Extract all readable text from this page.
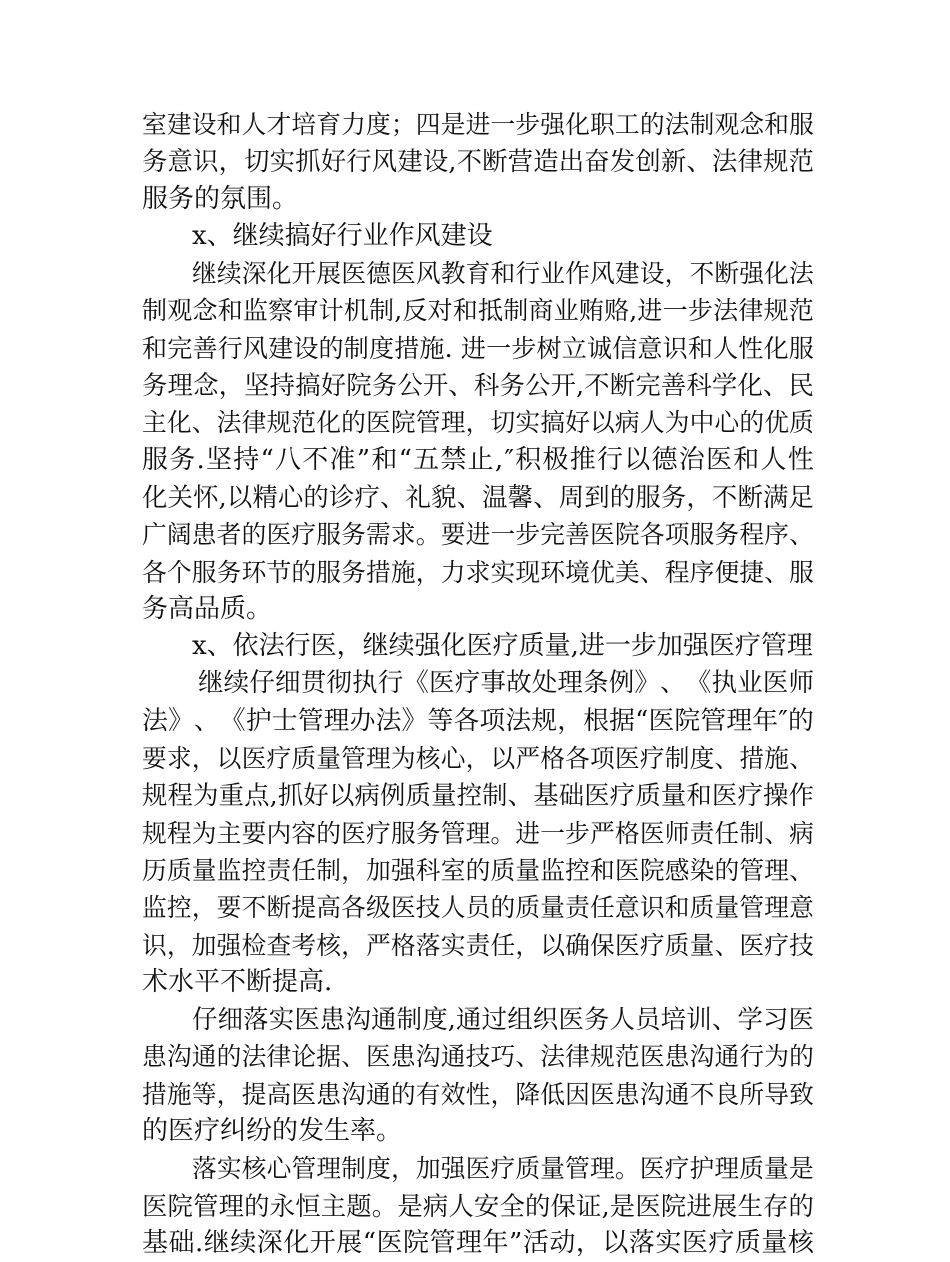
室 建 设 和 人 才 培 育 力 度 ； 四 是 进 一 步 强 化 职 工 的 法 制 观 念 和 服
务 意 识 ， 切 实 抓 好 行 风 建 设 , 不 断 营 造 出 奋 发 创 新 、 法 律 规 范
服务的氛围。
x、继续搞好行业作风建设
继 续 深 化 开 展 医 德 医 风 教 育 和 行 业 作 风 建 设 ， 不 断 强 化 法
制 观 念 和 监 察 审 计 机 制 , 反 对 和 抵 制 商 业 贿 赂 , 进 一 步 法 律 规 范
和 完 善 行 风 建 设 的 制 度 措 施 .
进 一 步 树 立 诚 信 意 识 和 人 性 化 服
务 理 念 ， 坚 持 搞 好 院 务 公 开 、 科 务 公 开 , 不 断 完 善 科 学 化 、 民
主 化 、 法 律 规 范 化 的 医 院 管 理 ， 切 实 搞 好 以 病 人 为 中 心 的 优 质
服 务 . 坚 持 “ 八 不 准 ” 和 “ 五 禁 止 , ″ 积 极 推 行 以 德 治 医 和 人 性
化 关 怀 , 以 精 心 的 诊 疗 、 礼 貌 、 温 馨 、 周 到 的 服 务 ， 不 断 满 足
广 阔 患 者 的 医 疗 服 务 需 求 。 要 进 一 步 完 善 医 院 各 项 服 务 程 序 、
各 个 服 务 环 节 的 服 务 措 施 ， 力 求 实 现 环 境 优 美 、 程 序 便 捷 、 服
务高品质。
x、依法行医，继续强化医疗质量,进一步加强医疗管理
继 续 仔 细 贯 彻 执 行 《 医 疗 事 故 处 理 条 例 》 、 《 执 业 医 师
法 》 、 《 护 士 管 理 办 法 》 等 各 项 法 规 ， 根 据 “ 医 院 管 理 年 ″ 的
要 求 ， 以 医 疗 质 量 管 理 为 核 心 ， 以 严 格 各 项 医 疗 制 度 、 措 施 、
规 程 为 重 点 , 抓 好 以 病 例 质 量 控 制 、 基 础 医 疗 质 量 和 医 疗 操 作
规 程 为 主 要 内 容 的 医 疗 服 务 管 理 。 进 一 步 严 格 医 师 责 任 制 、 病
历 质 量 监 控 责 任 制 ， 加 强 科 室 的 质 量 监 控 和 医 院 感 染 的 管 理 、
监 控 ， 要 不 断 提 高 各 级 医 技 人 员 的 质 量 责 任 意 识 和 质 量 管 理 意
识 ， 加 强 检 查 考 核 ， 严 格 落 实 责 任 ， 以 确 保 医 疗 质 量 、 医 疗 技
术水平不断提高.
仔 细 落 实 医 患 沟 通 制 度 , 通 过 组 织 医 务 人 员 培 训 、 学 习 医
患 沟 通 的 法 律 论 据 、 医 患 沟 通 技 巧 、 法 律 规 范 医 患 沟 通 行 为 的
措 施 等 ， 提 高 医 患 沟 通 的 有 效 性 ， 降 低 因 医 患 沟 通 不 良 所 导 致
的医疗纠纷的发生率。
落 实 核 心 管 理 制 度 ， 加 强 医 疗 质 量 管 理 。 医 疗 护 理 质 量 是
医 院 管 理 的 永 恒 主 题 。 是 病 人 安 全 的 保 证 , 是 医 院 进 展 生 存 的
基 础 . 继 续 深 化 开 展 “ 医 院 管 理 年 ” 活 动 ， 以 落 实 医 疗 质 量 核
